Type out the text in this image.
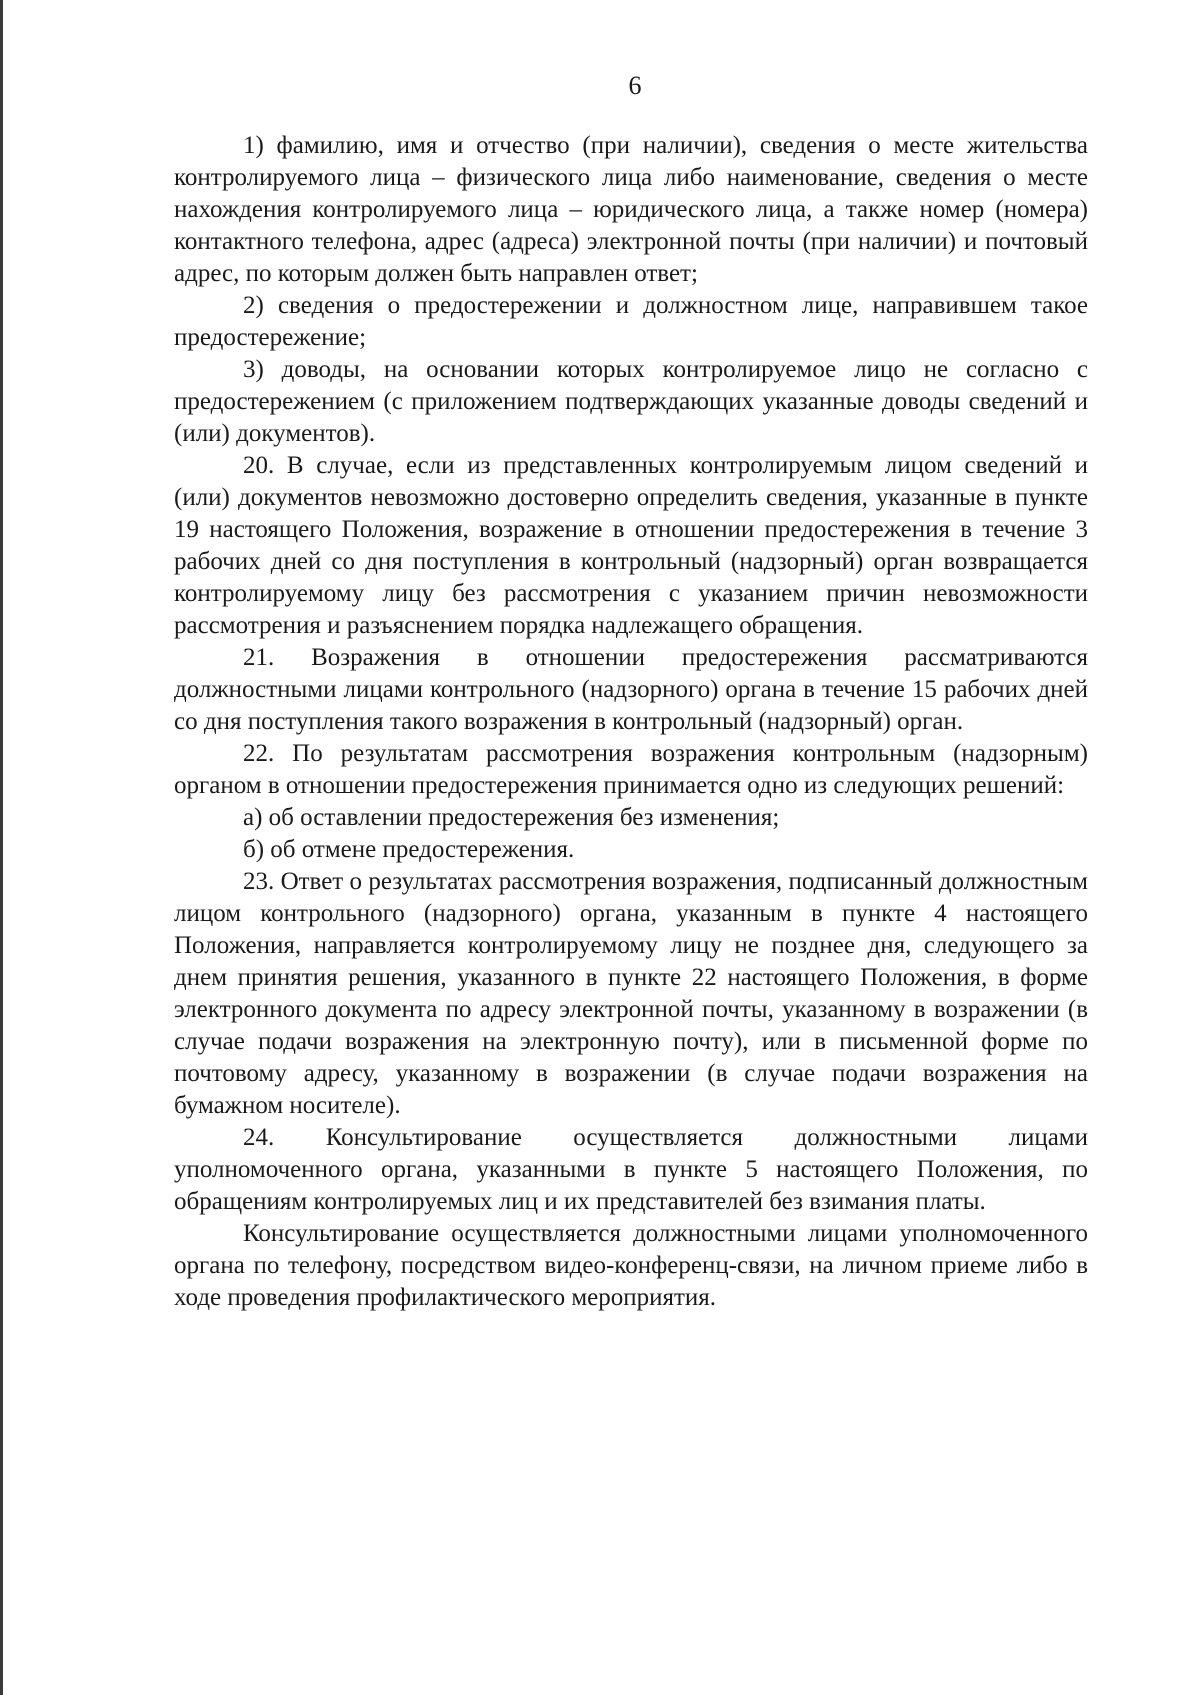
6

1) фамилию, имя и отчество (при наличии), сведения о месте жительства контролируемого лица – физического лица либо наименование, сведения о месте нахождения контролируемого лица – юридического лица, а также номер (номера) контактного телефона, адрес (адреса) электронной почты (при наличии) и почтовый адрес, по которым должен быть направлен ответ;

2) сведения о предостережении и должностном лице, направившем такое предостережение;

3) доводы, на основании которых контролируемое лицо не согласно с предостережением (с приложением подтверждающих указанные доводы сведений и (или) документов).

20. В случае, если из представленных контролируемым лицом сведений и (или) документов невозможно достоверно определить сведения, указанные в пункте 19 настоящего Положения, возражение в отношении предостережения в течение 3 рабочих дней со дня поступления в контрольный (надзорный) орган возвращается контролируемому лицу без рассмотрения с указанием причин невозможности рассмотрения и разъяснением порядка надлежащего обращения.

21. Возражения в отношении предостережения рассматриваются должностными лицами контрольного (надзорного) органа в течение 15 рабочих дней со дня поступления такого возражения в контрольный (надзорный) орган.

22. По результатам рассмотрения возражения контрольным (надзорным) органом в отношении предостережения принимается одно из следующих решений:

а) об оставлении предостережения без изменения;

б) об отмене предостережения.

23. Ответ о результатах рассмотрения возражения, подписанный должностным лицом контрольного (надзорного) органа, указанным в пункте 4 настоящего Положения, направляется контролируемому лицу не позднее дня, следующего за днем принятия решения, указанного в пункте 22 настоящего Положения, в форме электронного документа по адресу электронной почты, указанному в возражении (в случае подачи возражения на электронную почту), или в письменной форме по почтовому адресу, указанному в возражении (в случае подачи возражения на бумажном носителе).

24. Консультирование осуществляется должностными лицами уполномоченного органа, указанными в пункте 5 настоящего Положения, по обращениям контролируемых лиц и их представителей без взимания платы.

Консультирование осуществляется должностными лицами уполномоченного органа по телефону, посредством видео-конференц-связи, на личном приеме либо в ходе проведения профилактического мероприятия.
